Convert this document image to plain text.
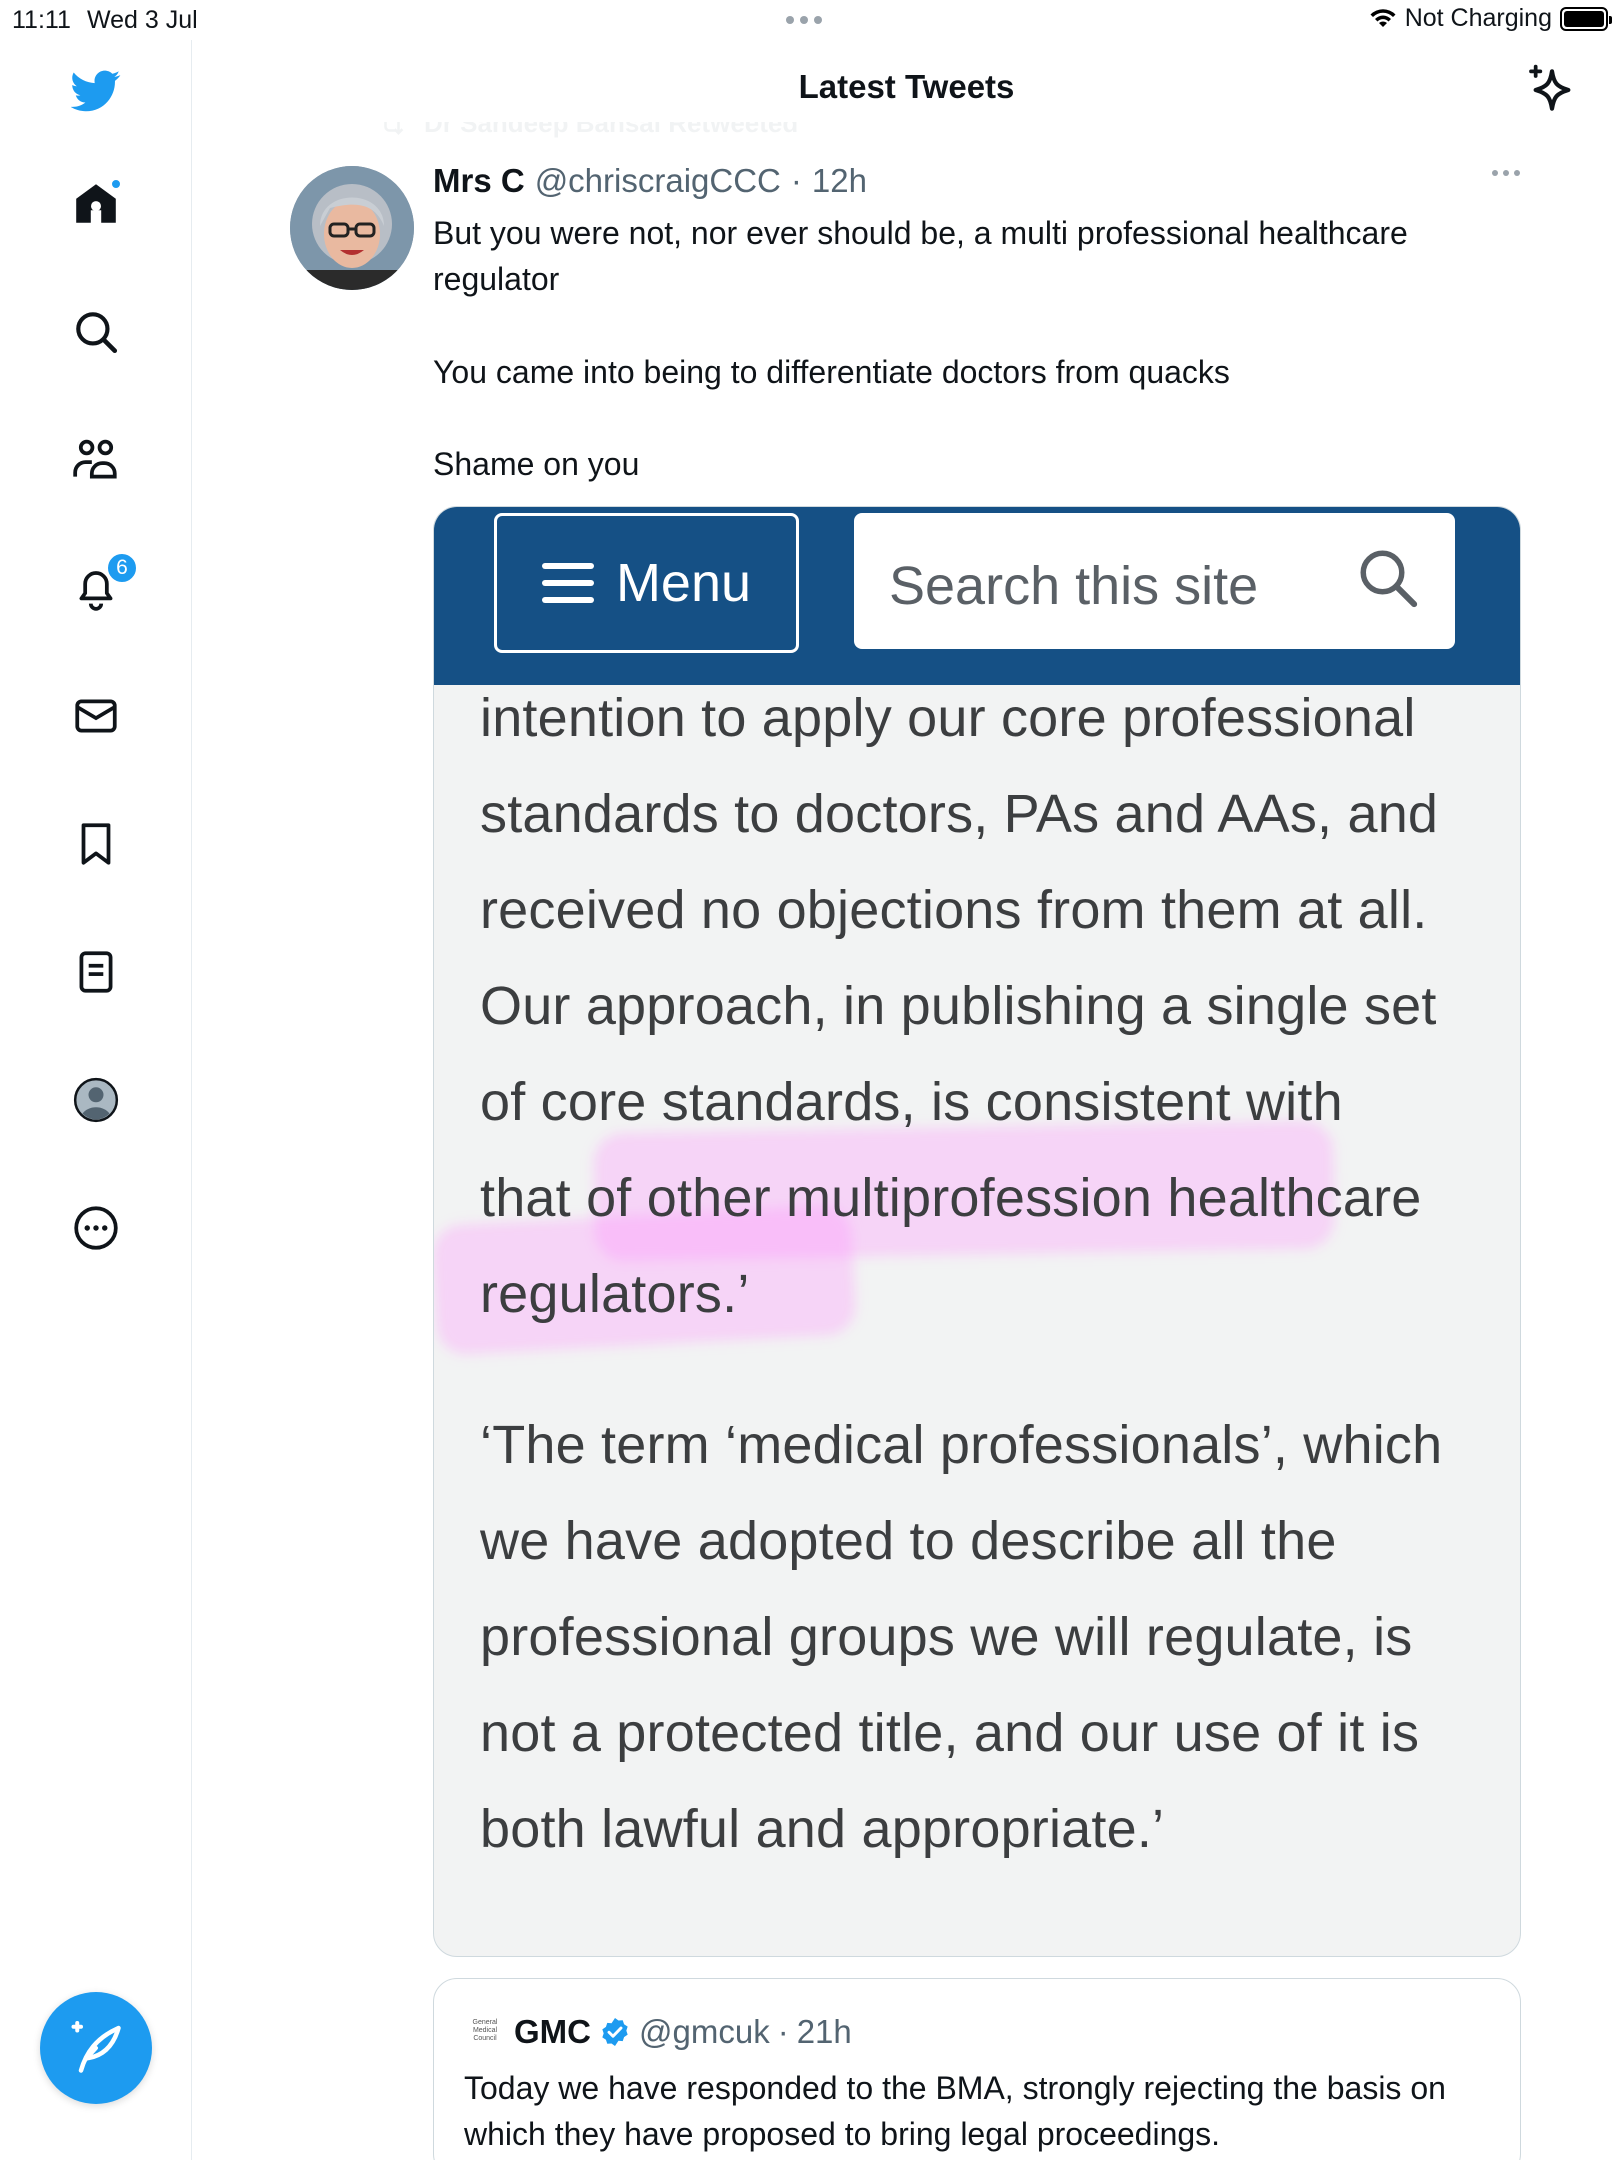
11:11 Wed 3 Jul	Not Charging
6
Latest Tweets
Mrs C @chriscraigCCC · 12h
But you were not, nor ever should be, a multi professional healthcare
regulator
You came into being to differentiate doctors from quacks
Shame on you
Menu	Search this site
intention to apply our core professional
standards to doctors, PAs and AAs, and
received no objections from them at all.
Our approach, in publishing a single set
of core standards, is consistent with
that of other multiprofession healthcare
regulators.’
‘The term ‘medical professionals’, which
we have adopted to describe all the
professional groups we will regulate, is
not a protected title, and our use of it is
both lawful and appropriate.’
General Medical Council GMC @gmcuk · 21h
Today we have responded to the BMA, strongly rejecting the basis on which they have proposed to bring legal proceedings.
